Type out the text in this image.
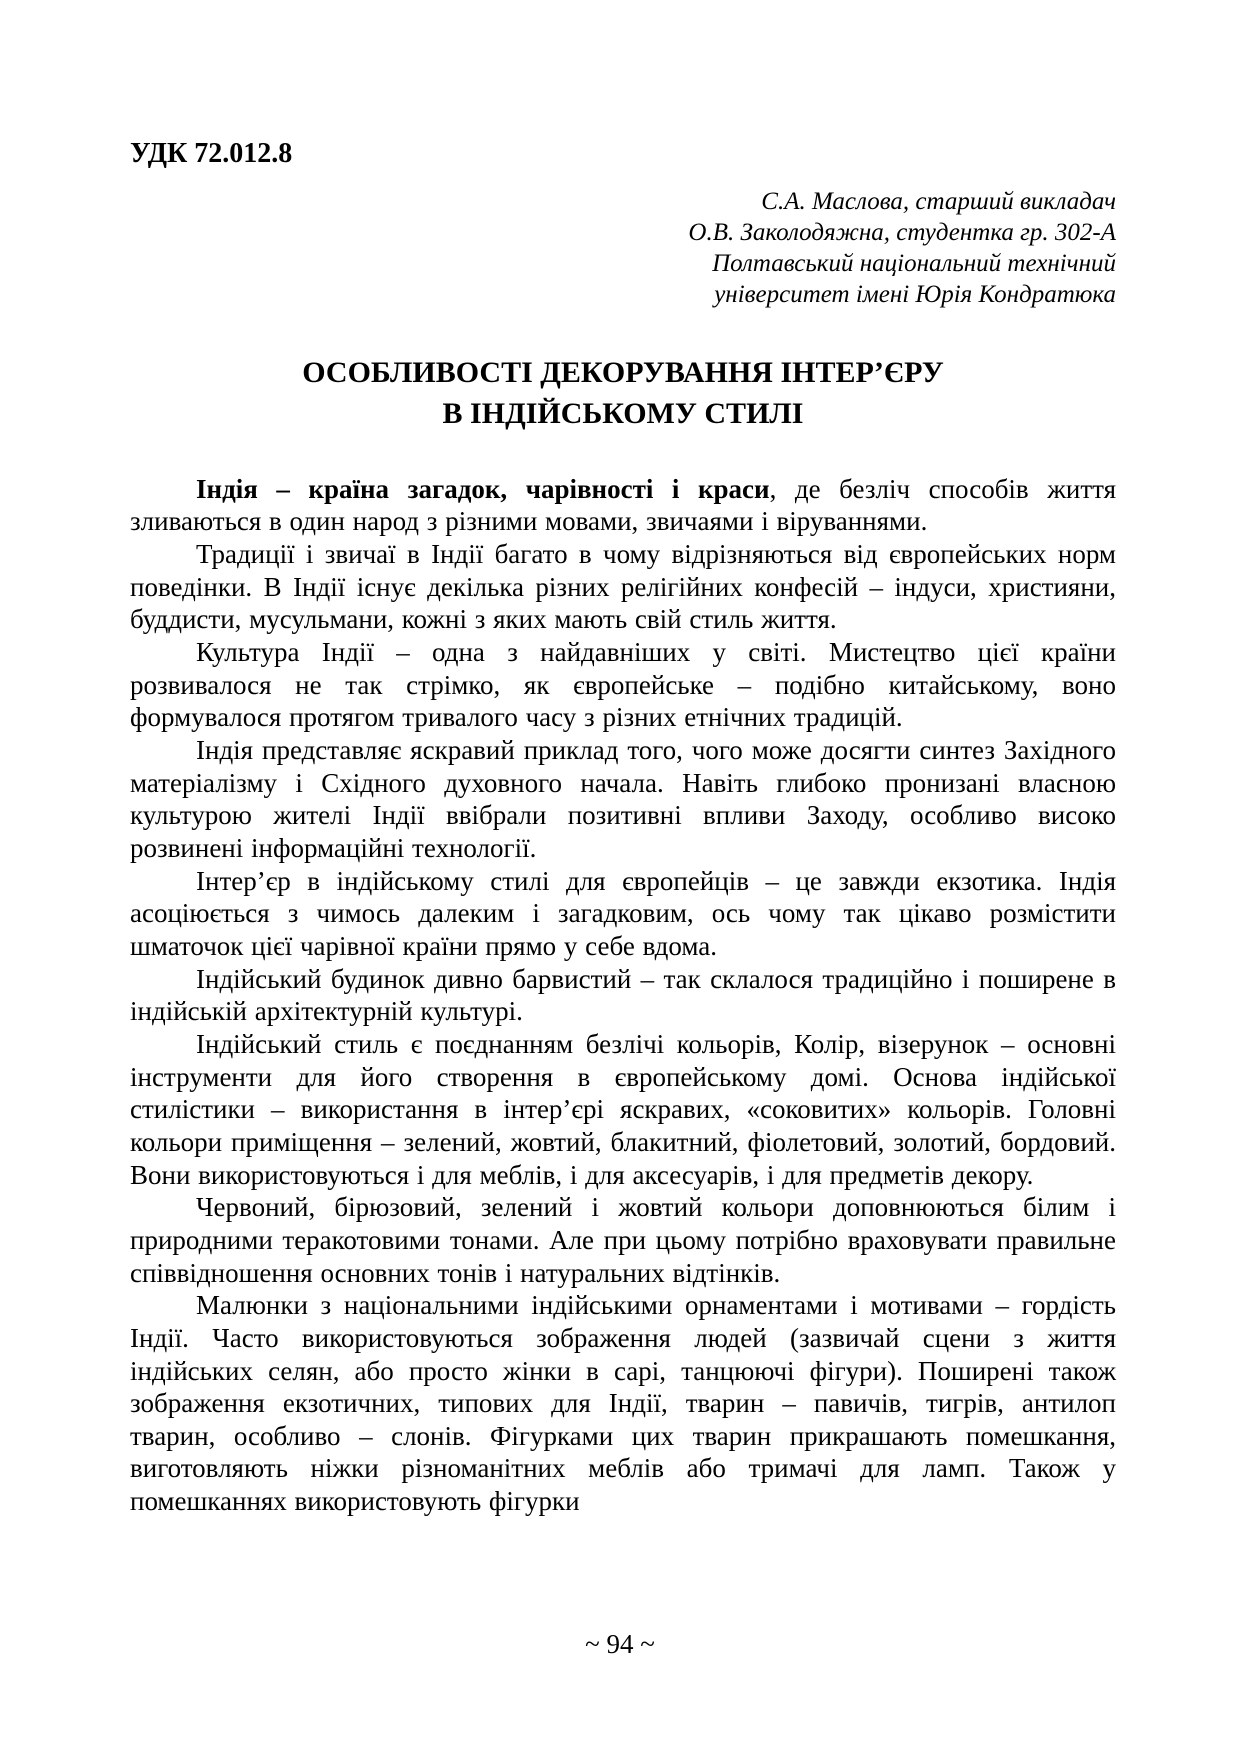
УДК 72.012.8
С.А. Маслова, старший викладач
О.В. Заколодяжна, студентка гр. 302-А
Полтавський національний технічний
університет імені Юрія Кондратюка
ОСОБЛИВОСТІ ДЕКОРУВАННЯ ІНТЕР’ЄРУ
В ІНДІЙСЬКОМУ СТИЛІ

Індія – країна загадок, чарівності і краси, де безліч способів життя зливаються в один народ з різними мовами, звичаями і віруваннями.

Традиції і звичаї в Індії багато в чому відрізняються від європейських норм поведінки. В Індії існує декілька різних релігійних конфесій – індуси, християни, буддисти, мусульмани, кожні з яких мають свій стиль життя.

Культура Індії – одна з найдавніших у світі. Мистецтво цієї країни розвивалося не так стрімко, як європейське – подібно китайському, воно формувалося протягом тривалого часу з різних етнічних традицій.

Індія представляє яскравий приклад того, чого може досягти синтез Західного матеріалізму і Східного духовного начала. Навіть глибоко пронизані власною культурою жителі Індії ввібрали позитивні впливи Заходу, особливо високо розвинені інформаційні технології.

Інтер’єр в індійському стилі для європейців – це завжди екзотика. Індія асоціюється з чимось далеким і загадковим, ось чому так цікаво розмістити шматочок цієї чарівної країни прямо у себе вдома.

Індійський будинок дивно барвистий – так склалося традиційно і поширене в індійській архітектурній культурі.

Індійський стиль є поєднанням безлічі кольорів, Колір, візерунок – основні інструменти для його створення в європейському домі. Основа індійської стилістики – використання в інтер’єрі яскравих, «соковитих» кольорів. Головні кольори приміщення – зелений, жовтий, блакитний, фіолетовий, золотий, бордовий. Вони використовуються і для меблів, і для аксесуарів, і для предметів декору.

Червоний, бірюзовий, зелений і жовтий кольори доповнюються білим і природними теракотовими тонами. Але при цьому потрібно враховувати правильне співвідношення основних тонів і натуральних відтінків.

Малюнки з національними індійськими орнаментами і мотивами – гордість Індії. Часто використовуються зображення людей (зазвичай сцени з життя індійських селян, або просто жінки в сарі, танцюючі фігури). Поширені також зображення екзотичних, типових для Індії, тварин – павичів, тигрів, антилоп тварин, особливо – слонів. Фігурками цих тварин прикрашають помешкання, виготовляють ніжки різноманітних меблів або тримачі для ламп. Також у помешканнях використовують фігурки

~ 94 ~
